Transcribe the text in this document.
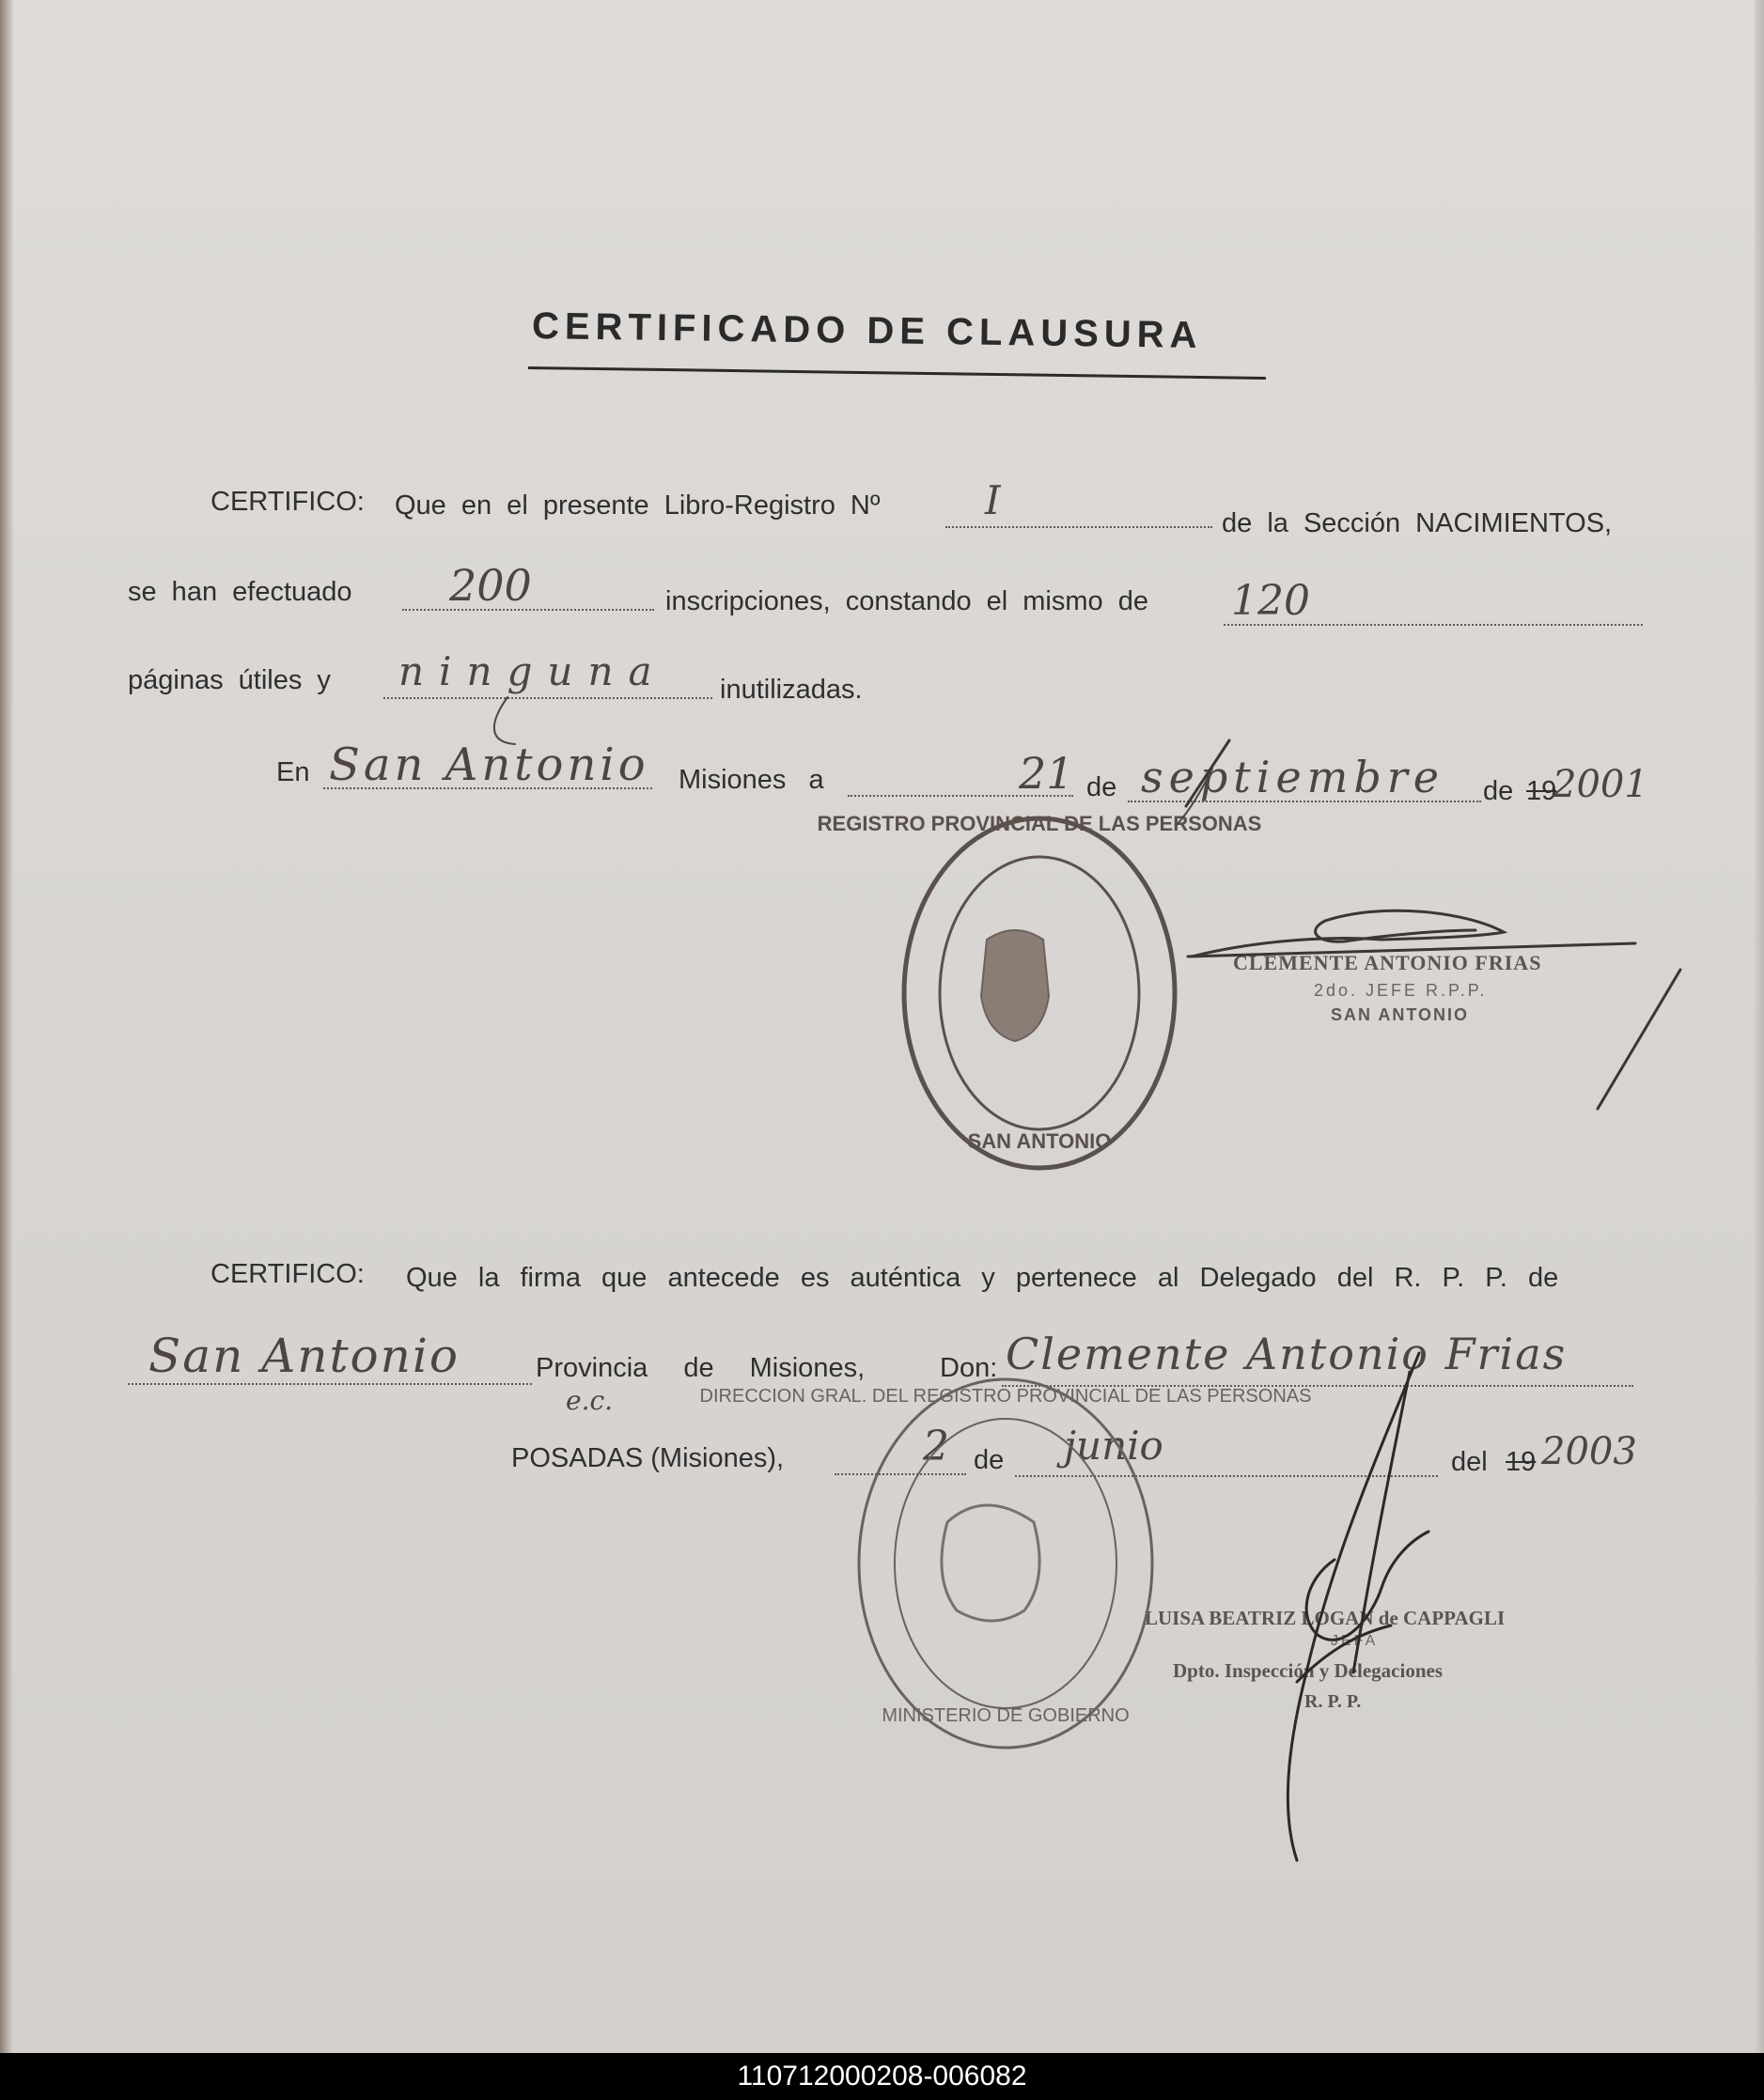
CERTIFICADO DE CLAUSURA
CERTIFICO: Que en el presente Libro-Registro Nº	I	de la Sección NACIMIENTOS,
se han efectuado 200	inscripciones, constando el mismo de 120
páginas útiles y ninguna inutilizadas.
En San Antonio Misiones a	21 de septiembre de 19
2001
CLEMENTE ANTONIO FRIAS
2do. JEFE R.P.P.
SAN ANTONIO
CERTIFICO: Que la firma que antecede es auténtica y pertenece al Delegado del R. P. P. de
San Antonio	Provincia de Misiones,	Don: Clemente Antonio Frias
e.c.
POSADAS (Misiones),	2 de junio	del 19 2003
LUISA BEATRIZ LOGAN de CAPPAGLI
JEFA
Dpto. Inspección y Delegaciones
R. P. P.
REGISTRO PROVINCIAL DE LAS PERSONAS
SAN ANTONIO
DIRECCION GRAL. DEL REGISTRO PROVINCIAL DE LAS PERSONAS
MINISTERIO DE GOBIERNO
110712000208-006082
